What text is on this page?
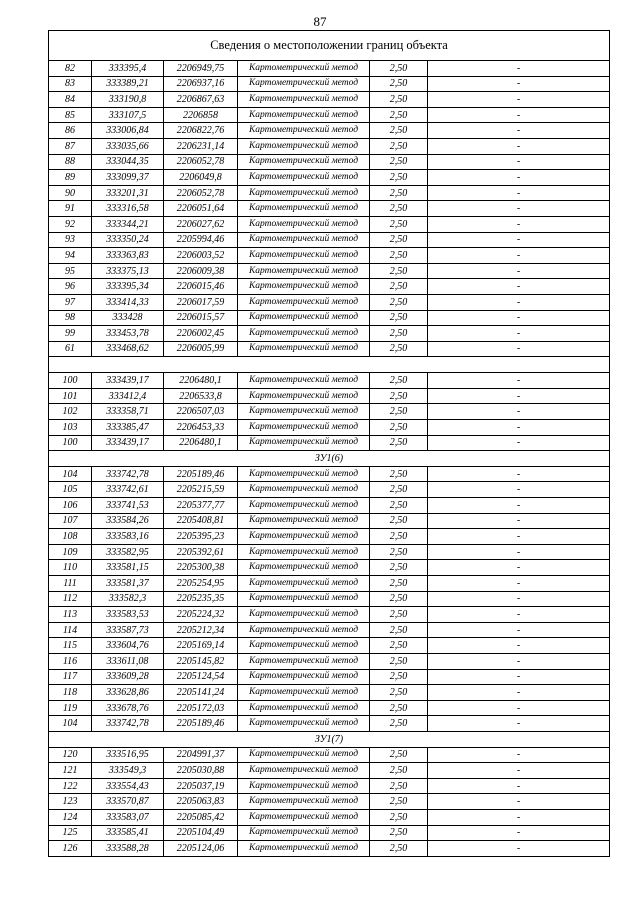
87
Сведения о местоположении границ объекта					
82	333395,4	2206949,75	Картометрический метод	2,50	-
83	333389,21	2206937,16	Картометрический метод	2,50	-
84	333190,8	2206867,63	Картометрический метод	2,50	-
85	333107,5	2206858	Картометрический метод	2,50	-
86	333006,84	2206822,76	Картометрический метод	2,50	-
87	333035,66	2206231,14	Картометрический метод	2,50	-
88	333044,35	2206052,78	Картометрический метод	2,50	-
89	333099,37	2206049,8	Картометрический метод	2,50	-
90	333201,31	2206052,78	Картометрический метод	2,50	-
91	333316,58	2206051,64	Картометрический метод	2,50	-
92	333344,21	2206027,62	Картометрический метод	2,50	-
93	333350,24	2205994,46	Картометрический метод	2,50	-
94	333363,83	2206003,52	Картометрический метод	2,50	-
95	333375,13	2206009,38	Картометрический метод	2,50	-
96	333395,34	2206015,46	Картометрический метод	2,50	-
97	333414,33	2206017,59	Картометрический метод	2,50	-
98	333428	2206015,57	Картометрический метод	2,50	-
99	333453,78	2206002,45	Картометрический метод	2,50	-
61	333468,62	2206005,99	Картометрический метод	2,50	-

100	333439,17	2206480,1	Картометрический метод	2,50	-
101	333412,4	2206533,8	Картометрический метод	2,50	-
102	333358,71	2206507,03	Картометрический метод	2,50	-
103	333385,47	2206453,33	Картометрический метод	2,50	-
100	333439,17	2206480,1	Картометрический метод	2,50	-
ЗУ1(6)					
104	333742,78	2205189,46	Картометрический метод	2,50	-
105	333742,61	2205215,59	Картометрический метод	2,50	-
106	333741,53	2205377,77	Картометрический метод	2,50	-
107	333584,26	2205408,81	Картометрический метод	2,50	-
108	333583,16	2205395,23	Картометрический метод	2,50	-
109	333582,95	2205392,61	Картометрический метод	2,50	-
110	333581,15	2205300,38	Картометрический метод	2,50	-
111	333581,37	2205254,95	Картометрический метод	2,50	-
112	333582,3	2205235,35	Картометрический метод	2,50	-
113	333583,53	2205224,32	Картометрический метод	2,50	-
114	333587,73	2205212,34	Картометрический метод	2,50	-
115	333604,76	2205169,14	Картометрический метод	2,50	-
116	333611,08	2205145,82	Картометрический метод	2,50	-
117	333609,28	2205124,54	Картометрический метод	2,50	-
118	333628,86	2205141,24	Картометрический метод	2,50	-
119	333678,76	2205172,03	Картометрический метод	2,50	-
104	333742,78	2205189,46	Картометрический метод	2,50	-
ЗУ1(7)					
120	333516,95	2204991,37	Картометрический метод	2,50	-
121	333549,3	2205030,88	Картометрический метод	2,50	-
122	333554,43	2205037,19	Картометрический метод	2,50	-
123	333570,87	2205063,83	Картометрический метод	2,50	-
124	333583,07	2205085,42	Картометрический метод	2,50	-
125	333585,41	2205104,49	Картометрический метод	2,50	-
126	333588,28	2205124,06	Картометрический метод	2,50	-
